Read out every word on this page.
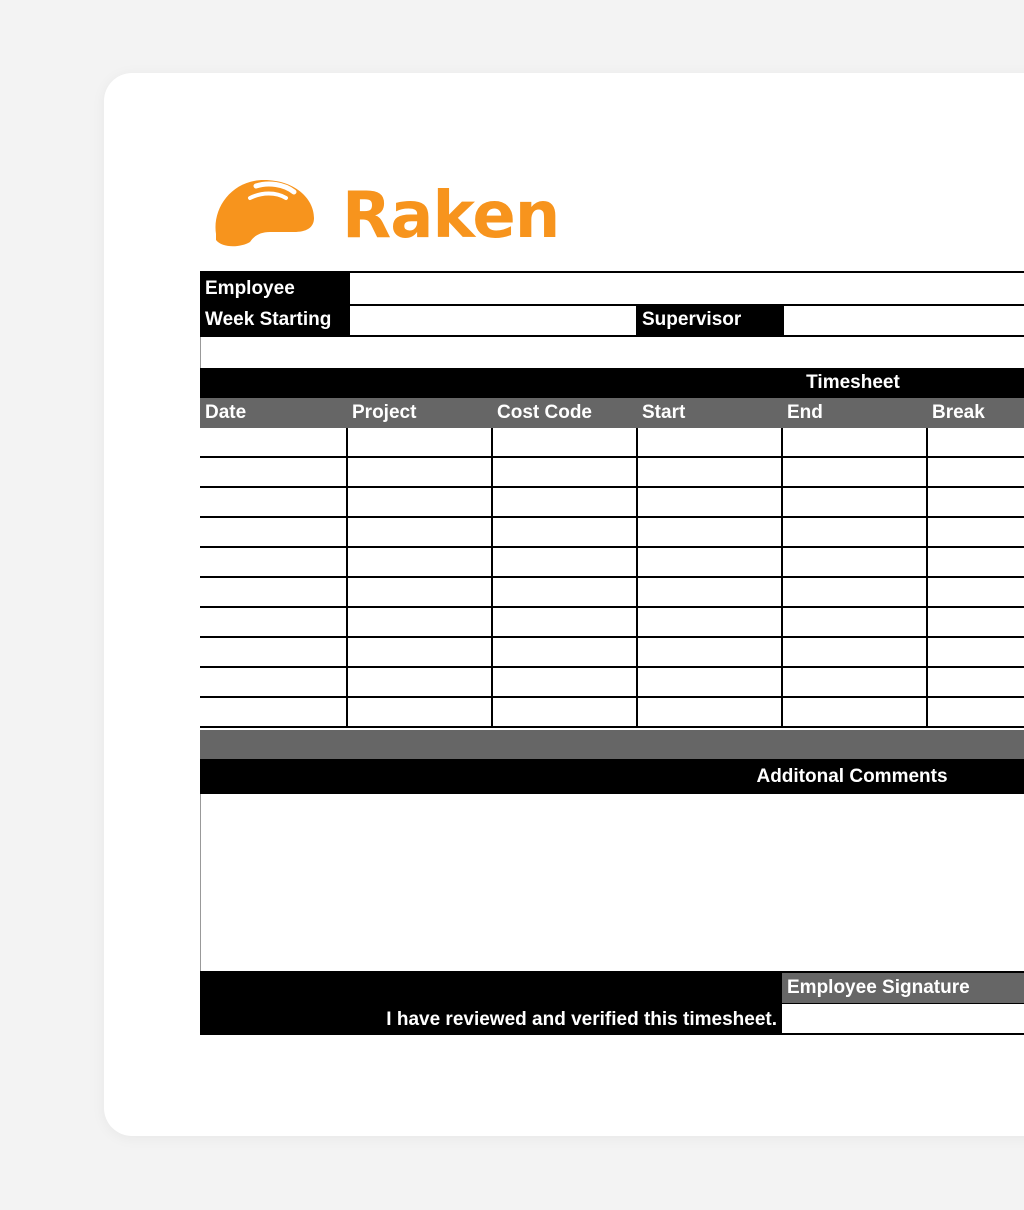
Raken
Employee
Week Starting	Supervisor
Timesheet
Date	Project	Cost Code	Start	End	Break
Additonal Comments
Employee Signature
I have reviewed and verified this timesheet.
